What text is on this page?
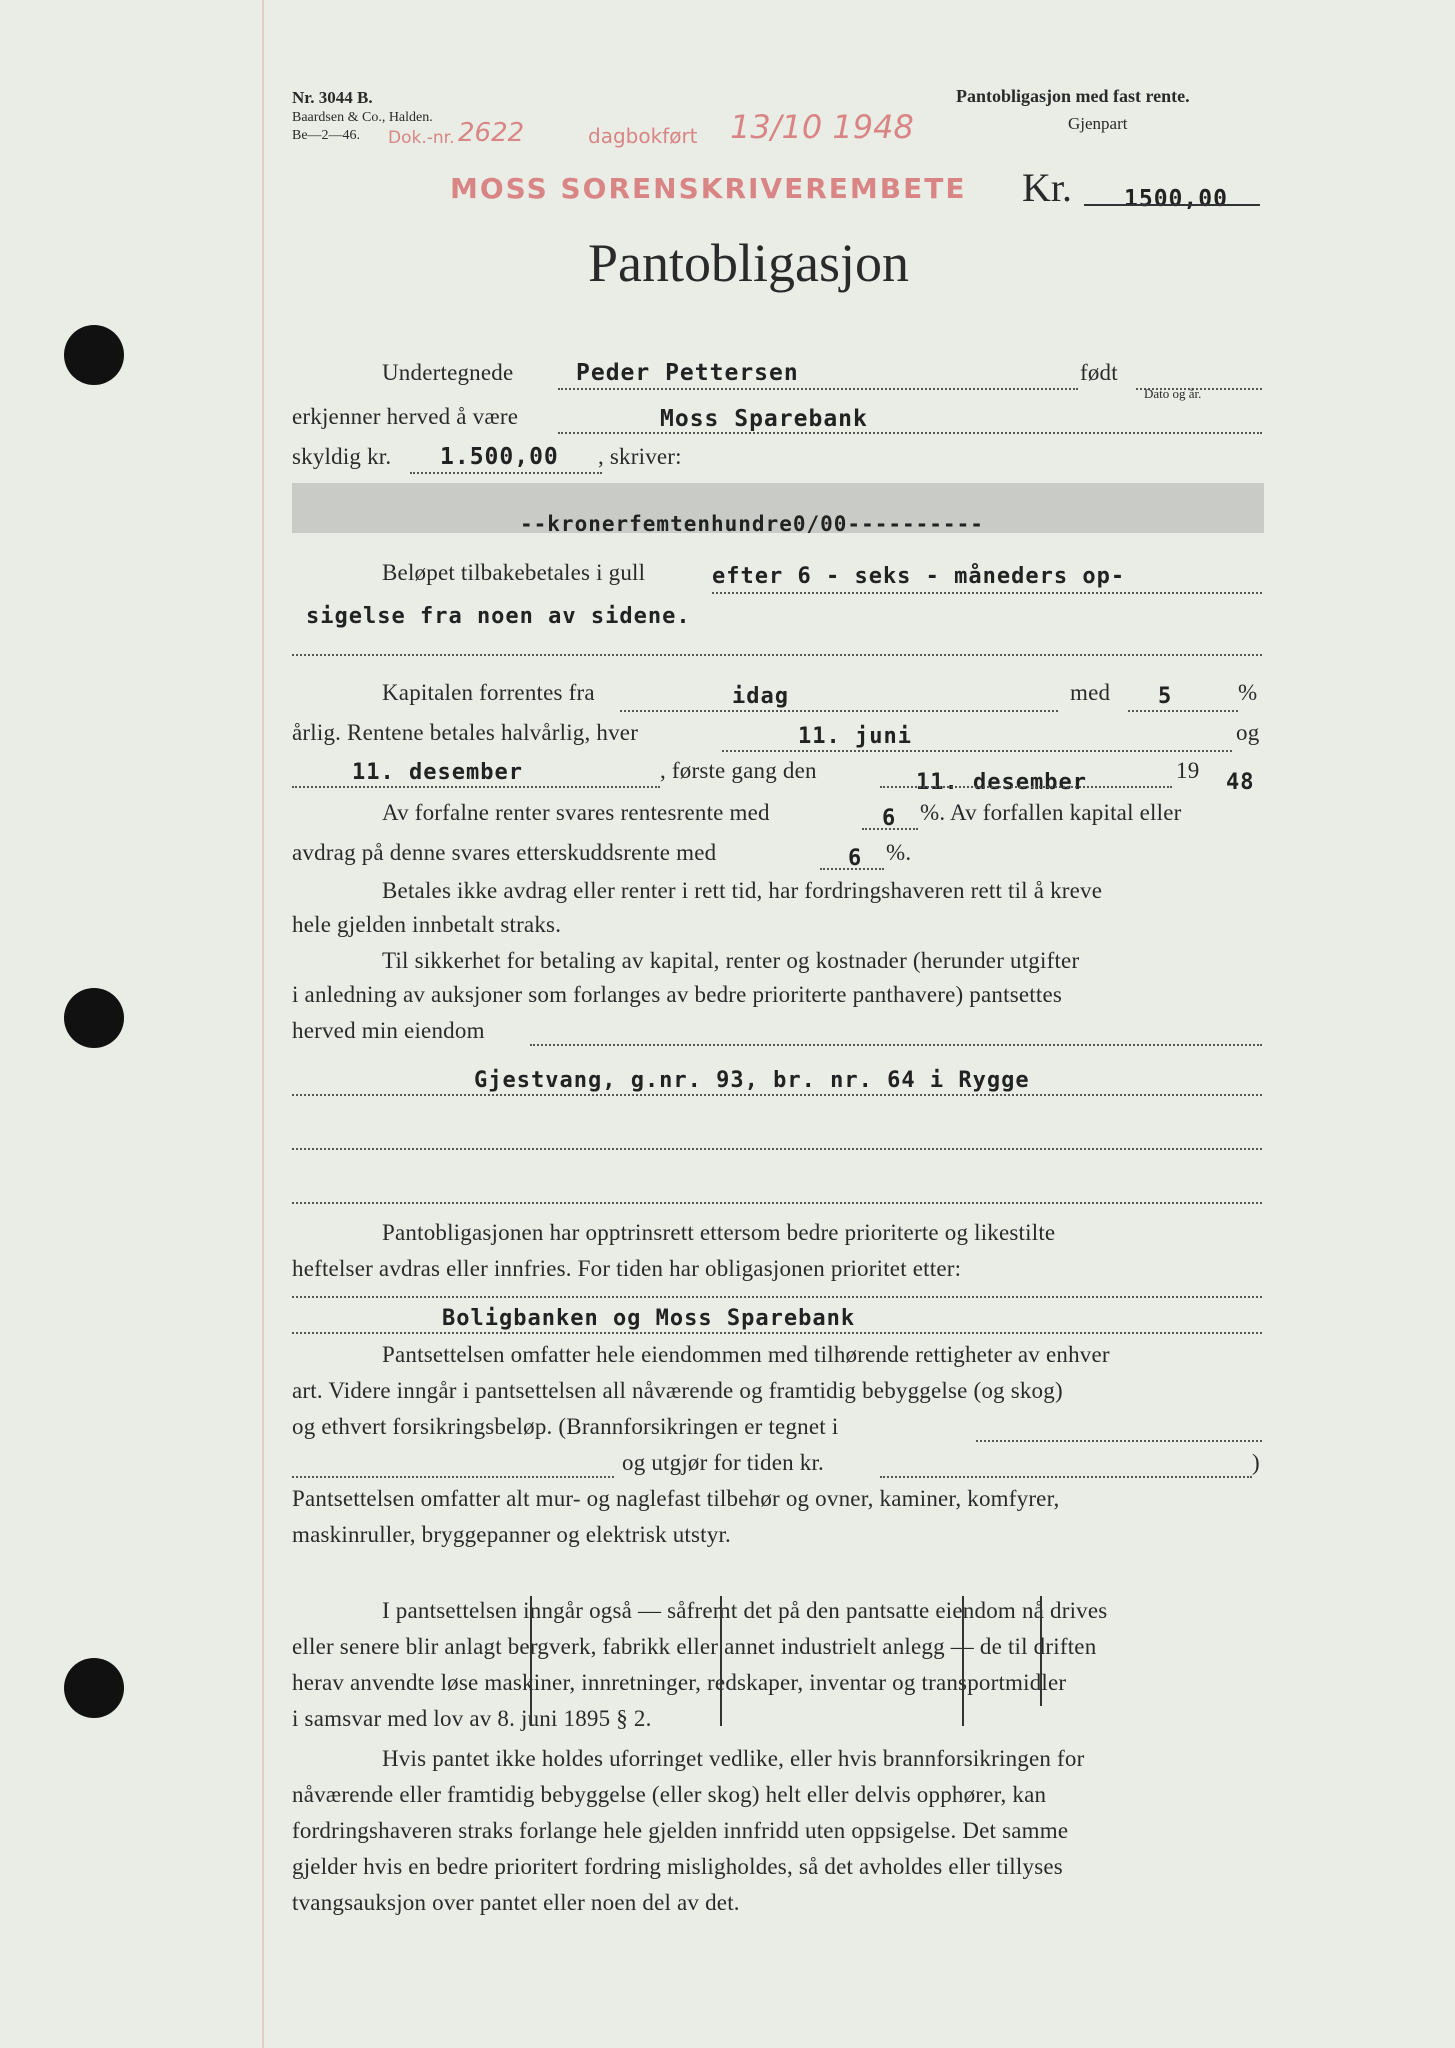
Nr. 3044 B.
Baardsen & Co., Halden.
Be—2—46.
Pantobligasjon med fast rente.
Gjenpart
Dok.-nr. 2622	dagbokført 13/10 1948
MOSS SORENSKRIVEREMBETE Kr. 1500,00
Pantobligasjon
Undertegnede	Peder Pettersen	født
Dato og år.
erkjenner herved å være	Moss Sparebank
skyldig kr. 1.500,00 , skriver:
--kronerfemtenhundre0/00----------
Beløpet tilbakebetales i gull	efter 6 - seks - måneders op-
sigelse fra noen av sidene.
Kapitalen forrentes fra	idag	med 5	%
årlig. Rentene betales halvårlig, hver	11. juni	og
11. desember	, første gang den	11. desember	19 48
Av forfalne renter svares rentesrente med	6 %. Av forfallen kapital eller
avdrag på denne svares etterskuddsrente med	6 %.
Betales ikke avdrag eller renter i rett tid, har fordringshaveren rett til å kreve
hele gjelden innbetalt straks.
Til sikkerhet for betaling av kapital, renter og kostnader (herunder utgifter
i anledning av auksjoner som forlanges av bedre prioriterte panthavere) pantsettes
herved min eiendom
Gjestvang, g.nr. 93, br. nr. 64 i Rygge
Pantobligasjonen har opptrinsrett ettersom bedre prioriterte og likestilte
heftelser avdras eller innfries. For tiden har obligasjonen prioritet etter:
Boligbanken og Moss Sparebank
Pantsettelsen omfatter hele eiendommen med tilhørende rettigheter av enhver
art. Videre inngår i pantsettelsen all nåværende og framtidig bebyggelse (og skog)
og ethvert forsikringsbeløp. (Brannforsikringen er tegnet i
og utgjør for tiden kr.	)
Pantsettelsen omfatter alt mur- og naglefast tilbehør og ovner, kaminer, komfyrer,
maskinruller, bryggepanner og elektrisk utstyr.
I pantsettelsen inngår også — såfremt det på den pantsatte eiendom nå drives
eller senere blir anlagt bergverk, fabrikk eller annet industrielt anlegg — de til driften
herav anvendte løse maskiner, innretninger, redskaper, inventar og transportmidler
i samsvar med lov av 8. juni 1895 § 2.
Hvis pantet ikke holdes uforringet vedlike, eller hvis brannforsikringen for
nåværende eller framtidig bebyggelse (eller skog) helt eller delvis opphører, kan
fordringshaveren straks forlange hele gjelden innfridd uten oppsigelse. Det samme
gjelder hvis en bedre prioritert fordring misligholdes, så det avholdes eller tillyses
tvangsauksjon over pantet eller noen del av det.
